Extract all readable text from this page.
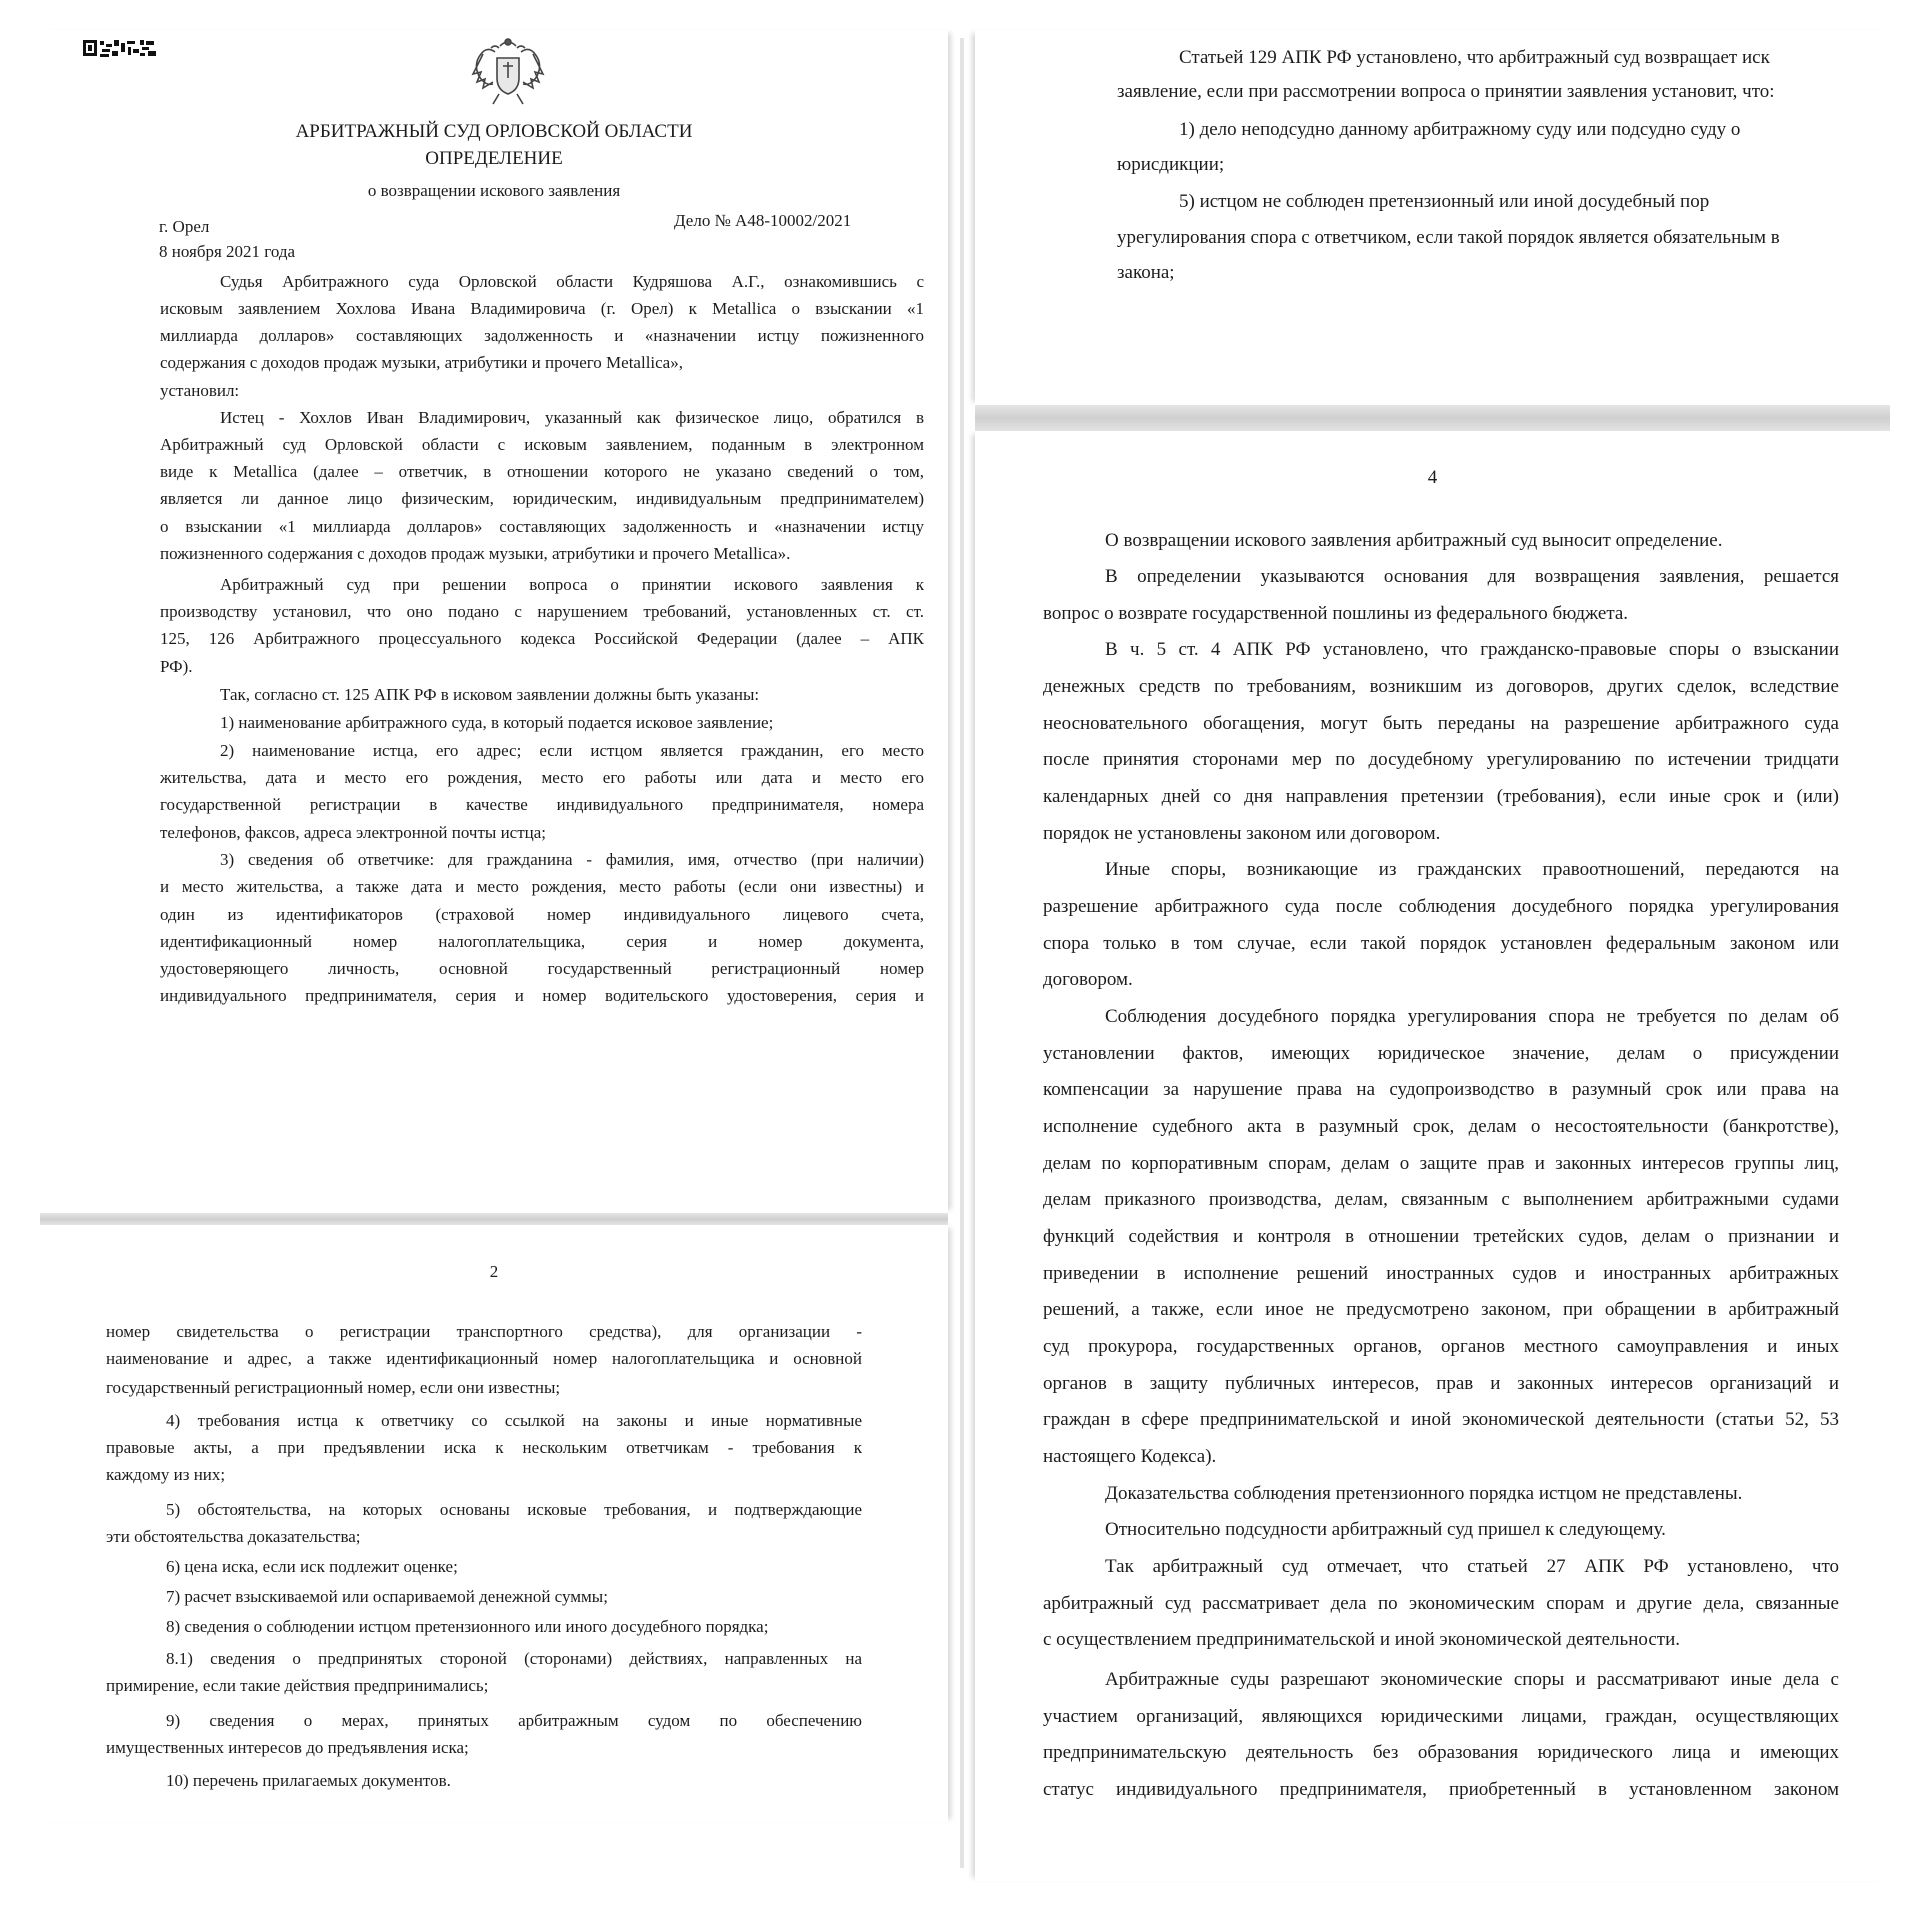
АРБИТРАЖНЫЙ СУД ОРЛОВСКОЙ ОБЛАСТИ
ОПРЕДЕЛЕНИЕ
о возвращении искового заявления
г. Орел	Дело № А48-10002/2021
8 ноября 2021 года
Судья Арбитражного суда Орловской области Кудряшова А.Г., ознакомившись с
исковым заявлением Хохлова Ивана Владимировича (г. Орел) к Metallica о взыскании «1
миллиарда долларов» составляющих задолженность и «назначении истцу пожизненного
содержания с доходов продаж музыки, атрибутики и прочего Metallica»,
установил:
Истец - Хохлов Иван Владимирович, указанный как физическое лицо, обратился в
Арбитражный суд Орловской области с исковым заявлением, поданным в электронном
виде к Metallica (далее – ответчик, в отношении которого не указано сведений о том,
является ли данное лицо физическим, юридическим, индивидуальным предпринимателем)
о взыскании «1 миллиарда долларов» составляющих задолженность и «назначении истцу
пожизненного содержания с доходов продаж музыки, атрибутики и прочего Metallica».
Арбитражный суд при решении вопроса о принятии искового заявления к
производству установил, что оно подано с нарушением требований, установленных ст. ст.
125, 126 Арбитражного процессуального кодекса Российской Федерации (далее – АПК
РФ).
Так, согласно ст. 125 АПК РФ в исковом заявлении должны быть указаны:
1) наименование арбитражного суда, в который подается исковое заявление;
2) наименование истца, его адрес; если истцом является гражданин, его место
жительства, дата и место его рождения, место его работы или дата и место его
государственной регистрации в качестве индивидуального предпринимателя, номера
телефонов, факсов, адреса электронной почты истца;
3) сведения об ответчике: для гражданина - фамилия, имя, отчество (при наличии)
и место жительства, а также дата и место рождения, место работы (если они известны) и
один из идентификаторов (страховой номер индивидуального лицевого счета,
идентификационный номер налогоплательщика, серия и номер документа,
удостоверяющего личность, основной государственный регистрационный номер
индивидуального предпринимателя, серия и номер водительского удостоверения, серия и
2
номер свидетельства о регистрации транспортного средства), для организации -
наименование и адрес, а также идентификационный номер налогоплательщика и основной
государственный регистрационный номер, если они известны;
4) требования истца к ответчику со ссылкой на законы и иные нормативные
правовые акты, а при предъявлении иска к нескольким ответчикам - требования к
каждому из них;
5) обстоятельства, на которых основаны исковые требования, и подтверждающие
эти обстоятельства доказательства;
6) цена иска, если иск подлежит оценке;
7) расчет взыскиваемой или оспариваемой денежной суммы;
8) сведения о соблюдении истцом претензионного или иного досудебного порядка;
8.1) сведения о предпринятых стороной (сторонами) действиях, направленных на
примирение, если такие действия предпринимались;
9) сведения о мерах, принятых арбитражным судом по обеспечению
имущественных интересов до предъявления иска;
10) перечень прилагаемых документов.
Статьей 129 АПК РФ установлено, что арбитражный суд возвращает иск
заявление, если при рассмотрении вопроса о принятии заявления установит, что:
1) дело неподсудно данному арбитражному суду или подсудно суду о
юрисдикции;
5) истцом не соблюден претензионный или иной досудебный пор
урегулирования спора с ответчиком, если такой порядок является обязательным в
закона;
4
О возвращении искового заявления арбитражный суд выносит определение.
В определении указываются основания для возвращения заявления, решается
вопрос о возврате государственной пошлины из федерального бюджета.
В ч. 5 ст. 4 АПК РФ установлено, что гражданско-правовые споры о взыскании
денежных средств по требованиям, возникшим из договоров, других сделок, вследствие
неосновательного обогащения, могут быть переданы на разрешение арбитражного суда
после принятия сторонами мер по досудебному урегулированию по истечении тридцати
календарных дней со дня направления претензии (требования), если иные срок и (или)
порядок не установлены законом или договором.
Иные споры, возникающие из гражданских правоотношений, передаются на
разрешение арбитражного суда после соблюдения досудебного порядка урегулирования
спора только в том случае, если такой порядок установлен федеральным законом или
договором.
Соблюдения досудебного порядка урегулирования спора не требуется по делам об
установлении фактов, имеющих юридическое значение, делам о присуждении
компенсации за нарушение права на судопроизводство в разумный срок или права на
исполнение судебного акта в разумный срок, делам о несостоятельности (банкротстве),
делам по корпоративным спорам, делам о защите прав и законных интересов группы лиц,
делам приказного производства, делам, связанным с выполнением арбитражными судами
функций содействия и контроля в отношении третейских судов, делам о признании и
приведении в исполнение решений иностранных судов и иностранных арбитражных
решений, а также, если иное не предусмотрено законом, при обращении в арбитражный
суд прокурора, государственных органов, органов местного самоуправления и иных
органов в защиту публичных интересов, прав и законных интересов организаций и
граждан в сфере предпринимательской и иной экономической деятельности (статьи 52, 53
настоящего Кодекса).
Доказательства соблюдения претензионного порядка истцом не представлены.
Относительно подсудности арбитражный суд пришел к следующему.
Так арбитражный суд отмечает, что статьей 27 АПК РФ установлено, что
арбитражный суд рассматривает дела по экономическим спорам и другие дела, связанные
с осуществлением предпринимательской и иной экономической деятельности.
Арбитражные суды разрешают экономические споры и рассматривают иные дела с
участием организаций, являющихся юридическими лицами, граждан, осуществляющих
предпринимательскую деятельность без образования юридического лица и имеющих
статус индивидуального предпринимателя, приобретенный в установленном законом
